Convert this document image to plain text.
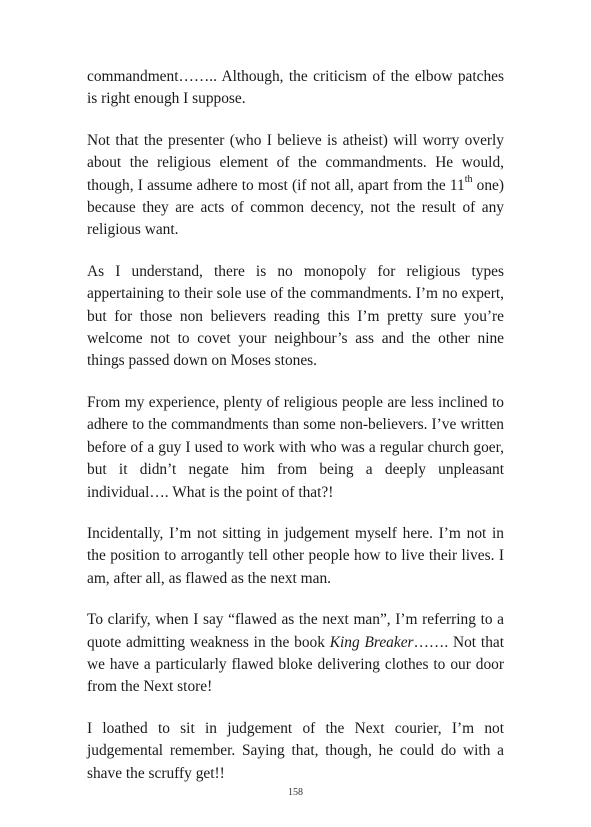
commandment…….. Although, the criticism of the elbow patches is right enough I suppose.

Not that the presenter (who I believe is atheist) will worry overly about the religious element of the commandments. He would, though, I assume adhere to most (if not all, apart from the 11th one) because they are acts of common decency, not the result of any religious want.

As I understand, there is no monopoly for religious types appertaining to their sole use of the commandments. I’m no expert, but for those non believers reading this I’m pretty sure you’re welcome not to covet your neighbour’s ass and the other nine things passed down on Moses stones.

From my experience, plenty of religious people are less inclined to adhere to the commandments than some non-believers. I’ve written before of a guy I used to work with who was a regular church goer, but it didn’t negate him from being a deeply unpleasant individual…. What is the point of that?!

Incidentally, I’m not sitting in judgement myself here. I’m not in the position to arrogantly tell other people how to live their lives. I am, after all, as flawed as the next man.

To clarify, when I say “flawed as the next man”, I’m referring to a quote admitting weakness in the book King Breaker……. Not that we have a particularly flawed bloke delivering clothes to our door from the Next store!

I loathed to sit in judgement of the Next courier, I’m not judgemental remember. Saying that, though, he could do with a shave the scruffy get!!

158
